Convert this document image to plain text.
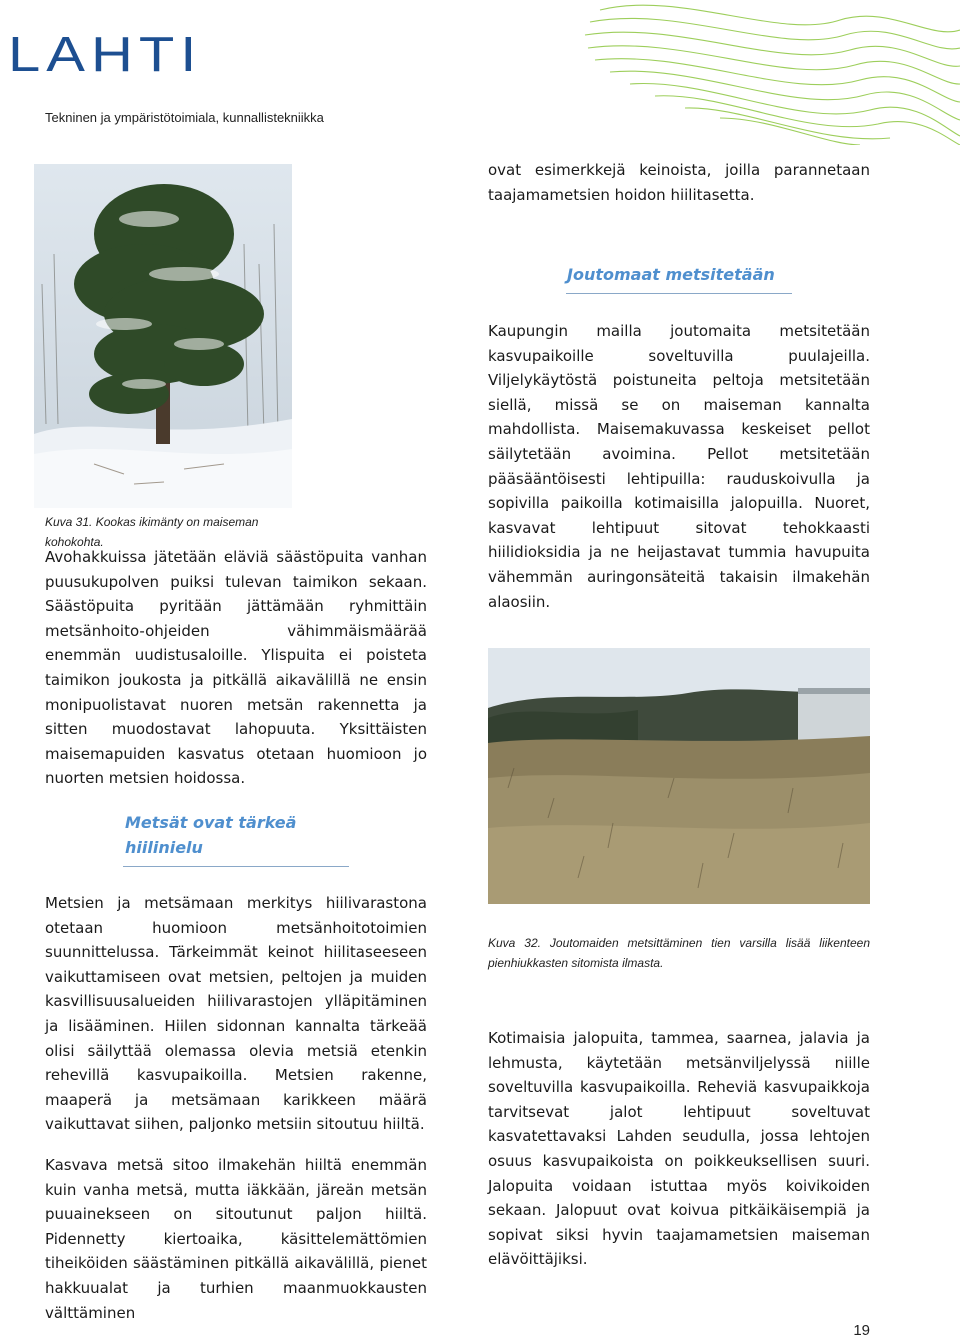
LAHTI
Tekninen ja ympäristötoimiala, kunnallistekniikka
Kuva 31. Kookas ikimänty on maiseman kohokohta.

Avohakkuissa jätetään eläviä säästöpuita vanhan puusukupolven puiksi tulevan taimikon sekaan. Säästöpuita pyritään jättämään ryhmittäin metsänhoito-ohjeiden vähimmäismäärää enemmän uudistusaloille. Ylispuita ei poisteta taimikon joukosta ja pitkällä aikavälillä ne ensin monipuolistavat nuoren metsän rakennetta ja sitten muodostavat lahopuuta. Yksittäisten maisemapuiden kasvatus otetaan huomioon jo nuorten metsien hoidossa.

Metsät ovat tärkeä hiilinielu

Metsien ja metsämaan merkitys hiilivarastona otetaan huomioon metsänhoitotoimien suunnittelussa. Tärkeimmät keinot hiilitaseeseen vaikuttamiseen ovat metsien, peltojen ja muiden kasvillisuusalueiden hiilivarastojen ylläpitäminen ja lisääminen. Hiilen sidonnan kannalta tärkeää olisi säilyttää olemassa olevia metsiä etenkin rehevillä kasvupaikoilla. Metsien rakenne, maaperä ja metsämaan karikkeen määrä vaikuttavat siihen, paljonko metsiin sitoutuu hiiltä.

Kasvava metsä sitoo ilmakehän hiiltä enemmän kuin vanha metsä, mutta iäkkään, järeän metsän puuainekseen on sitoutunut paljon hiiltä. Pidennetty kiertoaika, käsittelemättömien tiheiköiden säästäminen pitkällä aikavälillä, pienet hakkuualat ja turhien maanmuokkausten välttäminen

ovat esimerkkejä keinoista, joilla parannetaan taajamametsien hoidon hiilitasetta.

Joutomaat metsitetään

Kaupungin mailla joutomaita metsitetään kasvupaikoille soveltuvilla puulajeilla. Viljelykäytöstä poistuneita peltoja metsitetään siellä, missä se on maiseman kannalta mahdollista. Maisemakuvassa keskeiset pellot säilytetään avoimina. Pellot metsitetään pääsääntöisesti lehtipuilla: rauduskoivulla ja sopivilla paikoilla kotimaisilla jalopuilla. Nuoret, kasvavat lehtipuut sitovat tehokkaasti hiilidioksidia ja ne heijastavat tummia havupuita vähemmän auringonsäteitä takaisin ilmakehän alaosiin.

Kuva 32. Joutomaiden metsittäminen tien varsilla lisää liikenteen pienhiukkasten sitomista ilmasta.

Kotimaisia jalopuita, tammea, saarnea, jalavia ja lehmusta, käytetään metsänviljelyssä niille soveltuvilla kasvupaikoilla. Reheviä kasvupaikkoja tarvitsevat jalot lehtipuut soveltuvat kasvatettavaksi Lahden seudulla, jossa lehtojen osuus kasvupaikoista on poikkeuksellisen suuri. Jalopuita voidaan istuttaa myös koivikoiden sekaan. Jalopuut ovat koivua pitkäikäisempiä ja sopivat siksi hyvin taajamametsien maiseman elävöittäjiksi.

19
